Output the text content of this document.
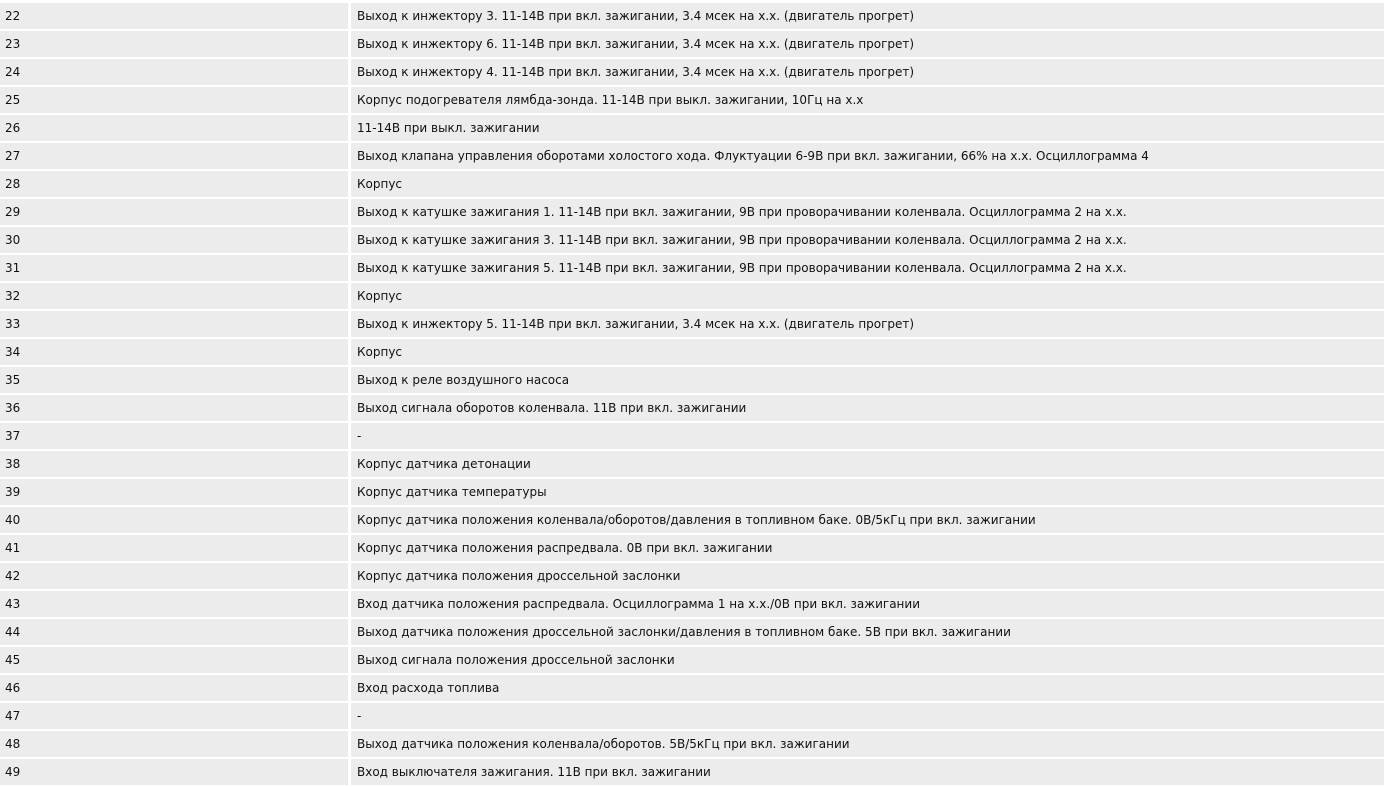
22	Выход к инжектору 3. 11-14В при вкл. зажигании, 3.4 мсек на х.х. (двигатель прогрет)
23	Выход к инжектору 6. 11-14В при вкл. зажигании, 3.4 мсек на х.х. (двигатель прогрет)
24	Выход к инжектору 4. 11-14В при вкл. зажигании, 3.4 мсек на х.х. (двигатель прогрет)
25	Корпус подогревателя лямбда-зонда. 11-14В при выкл. зажигании, 10Гц на х.х
26	11-14В при выкл. зажигании
27	Выход клапана управления оборотами холостого хода. Флуктуации 6-9В при вкл. зажигании, 66% на х.х. Осциллограмма 4
28	Корпус
29	Выход к катушке зажигания 1. 11-14В при вкл. зажигании, 9В при проворачивании коленвала. Осциллограмма 2 на х.х.
30	Выход к катушке зажигания 3. 11-14В при вкл. зажигании, 9В при проворачивании коленвала. Осциллограмма 2 на х.х.
31	Выход к катушке зажигания 5. 11-14В при вкл. зажигании, 9В при проворачивании коленвала. Осциллограмма 2 на х.х.
32	Корпус
33	Выход к инжектору 5. 11-14В при вкл. зажигании, 3.4 мсек на х.х. (двигатель прогрет)
34	Корпус
35	Выход к реле воздушного насоса
36	Выход сигнала оборотов коленвала. 11В при вкл. зажигании
37	-
38	Корпус датчика детонации
39	Корпус датчика температуры
40	Корпус датчика положения коленвала/оборотов/давления в топливном баке. 0В/5кГц при вкл. зажигании
41	Корпус датчика положения распредвала. 0В при вкл. зажигании
42	Корпус датчика положения дроссельной заслонки
43	Вход датчика положения распредвала. Осциллограмма 1 на х.х./0В при вкл. зажигании
44	Выход датчика положения дроссельной заслонки/давления в топливном баке. 5В при вкл. зажигании
45	Выход сигнала положения дроссельной заслонки
46	Вход расхода топлива
47	-
48	Выход датчика положения коленвала/оборотов. 5В/5кГц при вкл. зажигании
49	Вход выключателя зажигания. 11В при вкл. зажигании
